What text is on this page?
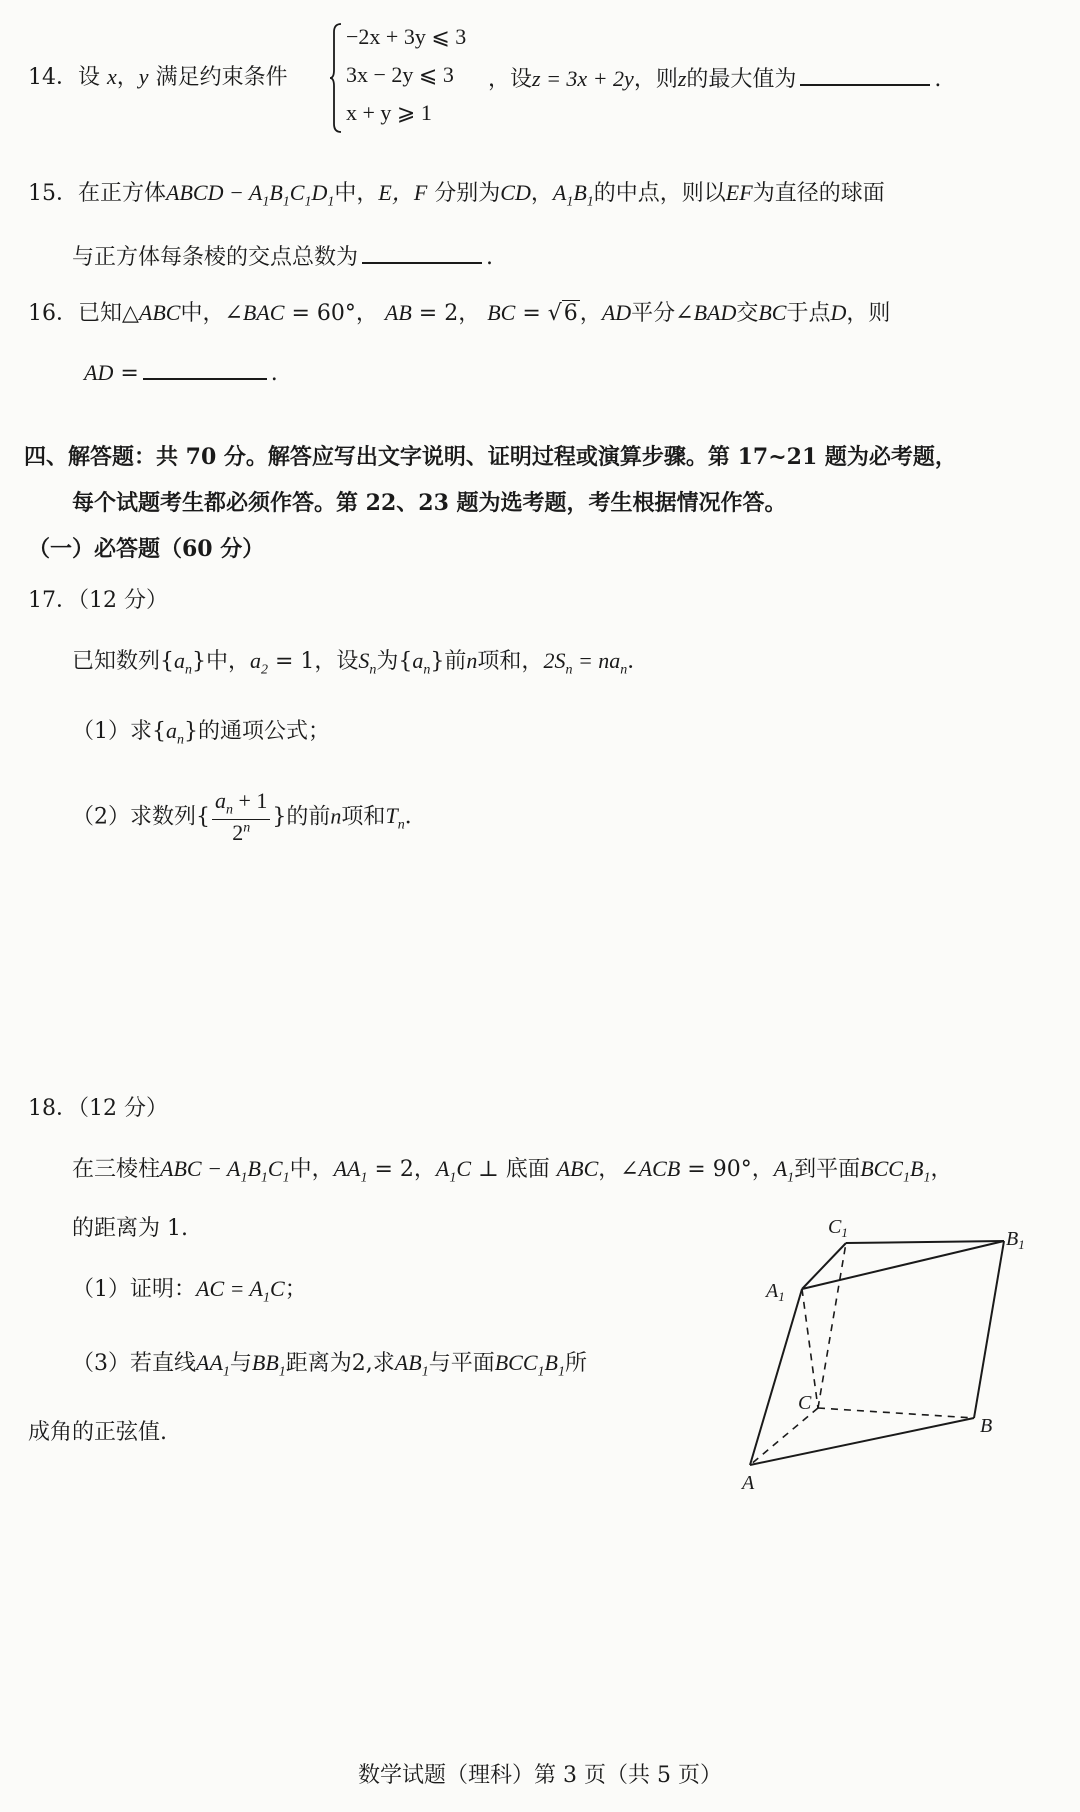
14．设 x，y 满足约束条件
−2x + 3y ⩽ 3
3x − 2y ⩽ 3
x + y ⩾ 1
，设z = 3x + 2y，则z的最大值为	.
15．在正方体ABCD − $A_1B_1C_1D_1$中，E，F 分别为CD，$A_1B_1$的中点，则以EF为直径的球面
与正方体每条棱的交点总数为	.
16．已知△ABC中，∠BAC = 60°， AB = 2， BC = √6，AD平分∠BAD交BC于点D，则
AD =	.
四、解答题：共 70 分。解答应写出文字说明、证明过程或演算步骤。第 17~21 题为必考题，
每个试题考生都必须作答。第 22、23 题为选考题，考生根据情况作答。
（一）必答题（60 分）
17．（12 分）
已知数列$\{a_n\}$中，$a_2 = 1$，设$S_n$为$\{a_n\}$前n项和，$2S_n = na_n$．
（1）求$\{a_n\}$的通项公式；
（2）求数列{ $\frac{a_n + 1}{2^n}$ }的前n项和$T_n$．
18．（12 分）
在三棱柱ABC − $A_1B_1C_1$中，$AA_1 = 2$，$A_1C$ ⊥ 底面 ABC，∠ACB = 90°，$A_1$到平面$BCC_1B_1$，
的距离为 1.
（1）证明：AC = $A_1C$；
（3）若直线$AA_1$与$BB_1$距离为2,求$AB_1$与平面$BCC_1B_1$所
成角的正弦值.
$C_1$	$B_1$
$A_1$
C
B
A
数学试题（理科）第 3 页（共 5 页）
